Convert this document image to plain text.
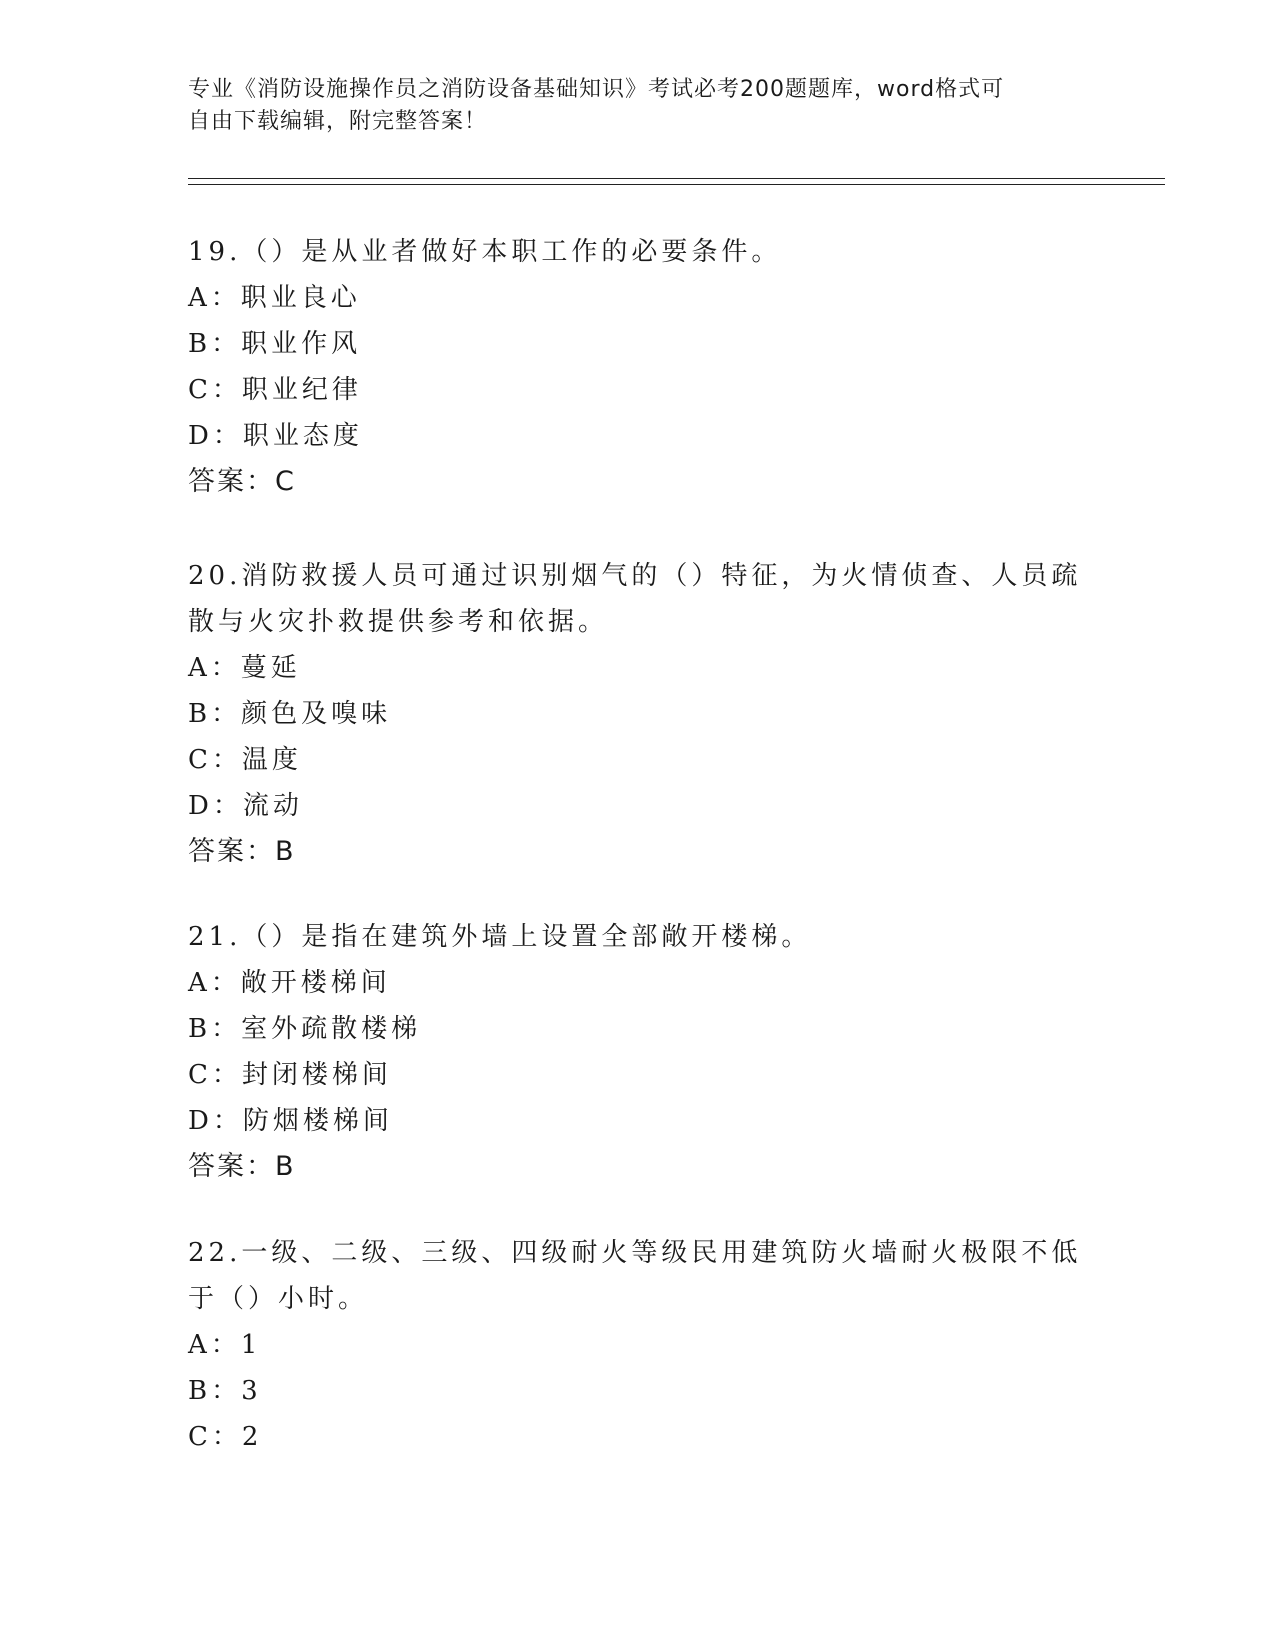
专业《消防设施操作员之消防设备基础知识》考试必考200题题库，word格式可
自由下载编辑，附完整答案！

19.（）是从业者做好本职工作的必要条件。

A：职业良心

B：职业作风

C：职业纪律

D：职业态度

答案：C

20.消防救援人员可通过识别烟气的（）特征，为火情侦查、人员疏散与火灾扑救提供参考和依据。

A：蔓延

B：颜色及嗅味

C：温度

D：流动

答案：B

21.（）是指在建筑外墙上设置全部敞开楼梯。

A：敞开楼梯间

B：室外疏散楼梯

C：封闭楼梯间

D：防烟楼梯间

答案：B

22.一级、二级、三级、四级耐火等级民用建筑防火墙耐火极限不低于（）小时。

A：1

B：3

C：2
